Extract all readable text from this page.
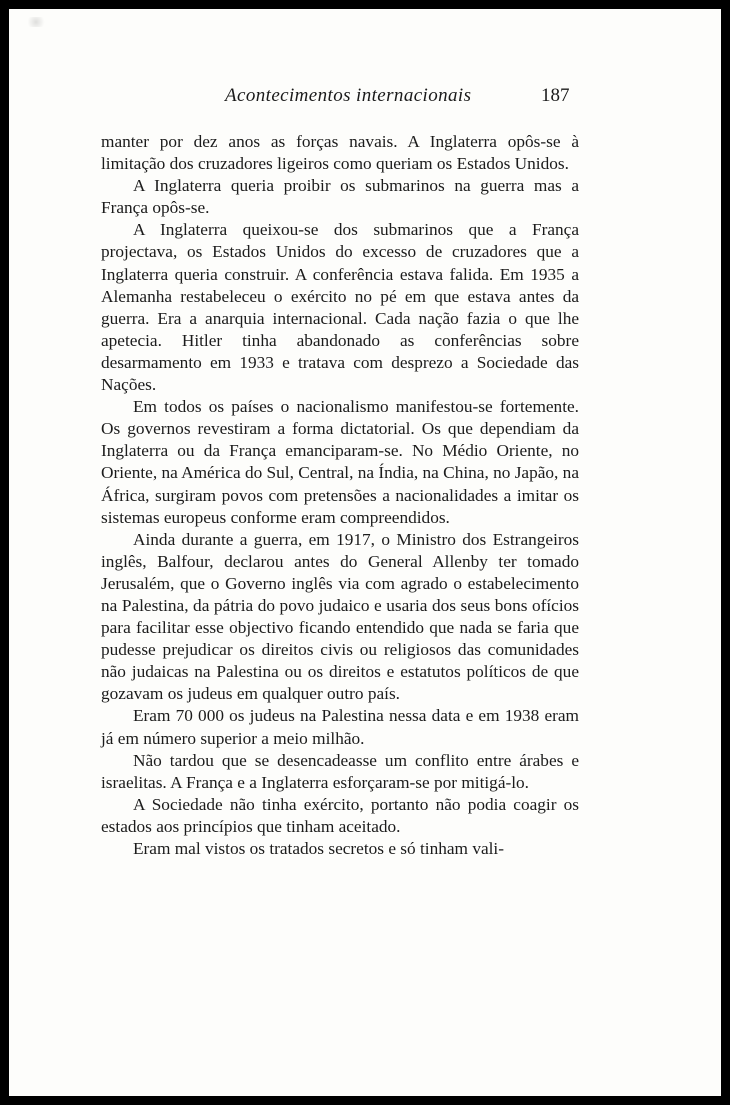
Acontecimentos internacionais	187

manter por dez anos as forças navais. A Inglaterra opôs-se à limitação dos cruzadores ligeiros como queriam os Estados Unidos.

A Inglaterra queria proibir os submarinos na guerra mas a França opôs-se.

A Inglaterra queixou-se dos submarinos que a França projectava, os Estados Unidos do excesso de cruzadores que a Inglaterra queria construir. A conferência estava falida. Em 1935 a Alemanha restabeleceu o exército no pé em que estava antes da guerra. Era a anarquia internacional. Cada nação fazia o que lhe apetecia. Hitler tinha abandonado as conferências sobre desarmamento em 1933 e tratava com desprezo a Sociedade das Nações.

Em todos os países o nacionalismo manifestou-se fortemente. Os governos revestiram a forma dictatorial. Os que dependiam da Inglaterra ou da França emanciparam-se. No Médio Oriente, no Oriente, na América do Sul, Central, na Índia, na China, no Japão, na África, surgiram povos com pretensões a nacionalidades a imitar os sistemas europeus conforme eram compreendidos.

Ainda durante a guerra, em 1917, o Ministro dos Estrangeiros inglês, Balfour, declarou antes do General Allenby ter tomado Jerusalém, que o Governo inglês via com agrado o estabelecimento na Palestina, da pátria do povo judaico e usaria dos seus bons ofícios para facilitar esse objectivo ficando entendido que nada se faria que pudesse prejudicar os direitos civis ou religiosos das comunidades não judaicas na Palestina ou os direitos e estatutos políticos de que gozavam os judeus em qualquer outro país.

Eram 70 000 os judeus na Palestina nessa data e em 1938 eram já em número superior a meio milhão.

Não tardou que se desencadeasse um conflito entre árabes e israelitas. A França e a Inglaterra esforçaram-se por mitigá-lo.

A Sociedade não tinha exército, portanto não podia coagir os estados aos princípios que tinham aceitado.

Eram mal vistos os tratados secretos e só tinham vali-
